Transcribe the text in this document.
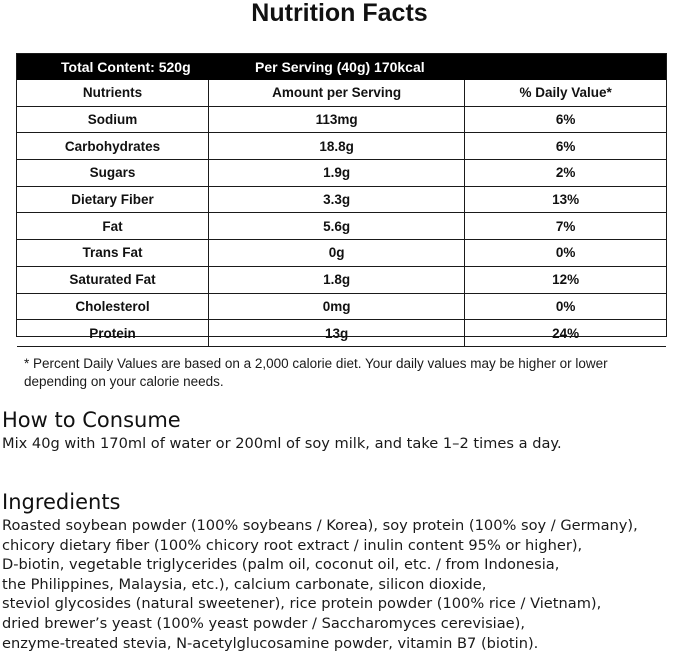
Nutrition Facts
Total Content: 520g	Per Serving (40g) 170kcal
Nutrients	Amount per Serving	% Daily Value*
Sodium	113mg	6%
Carbohydrates	18.8g	6%
Sugars	1.9g	2%
Dietary Fiber	3.3g	13%
Fat	5.6g	7%
Trans Fat	0g	0%
Saturated Fat	1.8g	12%
Cholesterol	0mg	0%
Protein	13g	24%
* Percent Daily Values are based on a 2,000 calorie diet. Your daily values may be higher or lower depending on your calorie needs.
How to Consume
Mix 40g with 170ml of water or 200ml of soy milk, and take 1–2 times a day.
Ingredients
Roasted soybean powder (100% soybeans / Korea), soy protein (100% soy / Germany),
chicory dietary fiber (100% chicory root extract / inulin content 95% or higher),
D-biotin, vegetable triglycerides (palm oil, coconut oil, etc. / from Indonesia,
the Philippines, Malaysia, etc.), calcium carbonate, silicon dioxide,
steviol glycosides (natural sweetener), rice protein powder (100% rice / Vietnam),
dried brewer’s yeast (100% yeast powder / Saccharomyces cerevisiae),
enzyme-treated stevia, N-acetylglucosamine powder, vitamin B7 (biotin).
